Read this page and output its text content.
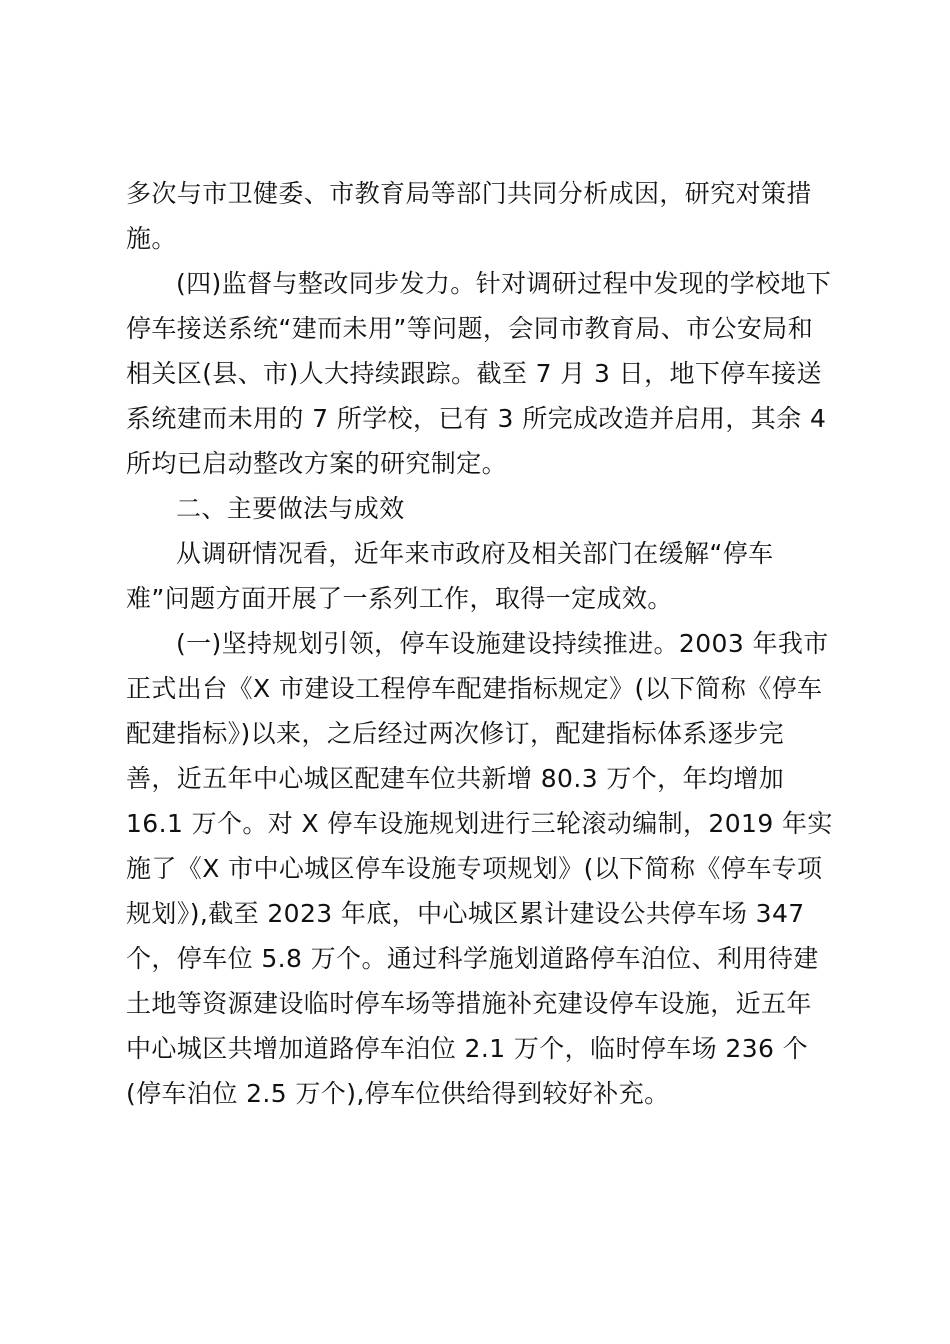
多次与市卫健委、市教育局等部门共同分析成因，研究对策措
施。
(四)监督与整改同步发力。针对调研过程中发现的学校地下
停车接送系统“建而未用”等问题，会同市教育局、市公安局和
相关区(县、市)人大持续跟踪。截至 7 月 3 日，地下停车接送
系统建而未用的 7 所学校，已有 3 所完成改造并启用，其余 4
所均已启动整改方案的研究制定。
二、主要做法与成效
从调研情况看，近年来市政府及相关部门在缓解“停车
难”问题方面开展了一系列工作，取得一定成效。
(一)坚持规划引领，停车设施建设持续推进。2003 年我市
正式出台《X 市建设工程停车配建指标规定》(以下简称《停车
配建指标》)以来，之后经过两次修订，配建指标体系逐步完
善，近五年中心城区配建车位共新增 80.3 万个，年均增加
16.1 万个。对 X 停车设施规划进行三轮滚动编制，2019 年实
施了《X 市中心城区停车设施专项规划》(以下简称《停车专项
规划》),截至 2023 年底，中心城区累计建设公共停车场 347
个，停车位 5.8 万个。通过科学施划道路停车泊位、利用待建
土地等资源建设临时停车场等措施补充建设停车设施，近五年
中心城区共增加道路停车泊位 2.1 万个，临时停车场 236 个
(停车泊位 2.5 万个),停车位供给得到较好补充。
